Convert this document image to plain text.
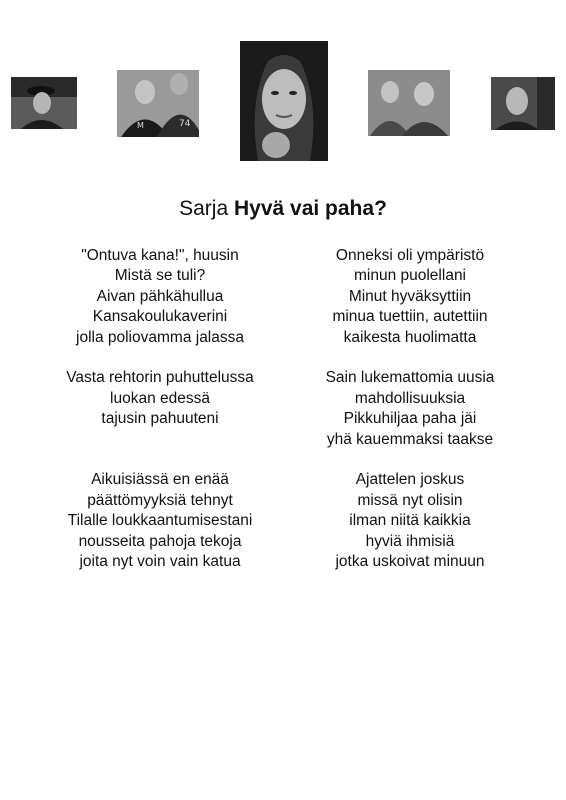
M	74
Sarja Hyvä vai paha?
"Ontuva kana!", huusin
Mistä se tuli?
Aivan pähkähullua
Kansakoulukaverini
jolla poliovamma jalassa
Vasta rehtorin puhuttelussa
luokan edessä
tajusin pahuuteni
Aikuisiässä en enää
päättömyyksiä tehnyt
Tilalle loukkaantumisestani
nousseita pahoja tekoja
joita nyt voin vain katua
Onneksi oli ympäristö
minun puolellani
Minut hyväksyttiin
minua tuettiin, autettiin
kaikesta huolimatta
Sain lukemattomia uusia
mahdollisuuksia
Pikkuhiljaa paha jäi
yhä kauemmaksi taakse
Ajattelen joskus
missä nyt olisin
ilman niitä kaikkia
hyviä ihmisiä
jotka uskoivat minuun
